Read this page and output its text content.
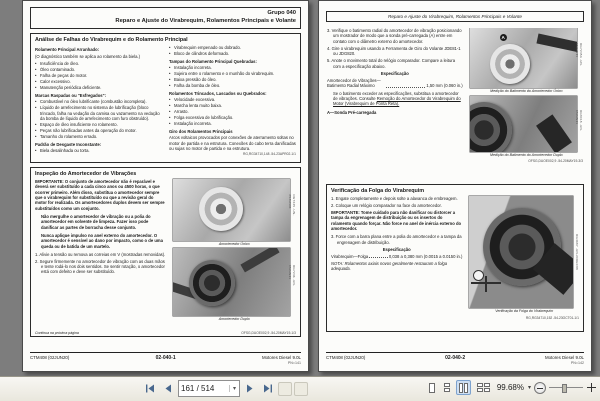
Grupo 040
Reparo e Ajuste do Virabrequim, Rolamentos Principais e Volante
Análise de Falhas do Virabrequim e do Rolamento Principal
Rolamento Principal Arranhado:
(O diagnóstico também se aplica ao rolamento da biela.)
• Insuficiência de óleo.
• Óleo contaminado.
• Falha de peças do motor.
• Calor excessivo.
• Manutenção periódica deficiente.
Marcas Raspadas ou "Esfregados":
• Combustível no óleo lubrificante (combustão incompleta).
• Líquido de arrefecimento no sistema de lubrificação (bloco trincado, falha na vedação da camisa ou vazamento na vedação da bomba de líquido de arrefecimento com furo obstruído).
• Espaço de óleo insuficiente no rolamento.
• Peças não lubrificadas antes da operação do motor.
• Tamanho do rolamento errado.
Padrão de Desgaste Inconstante:
• Biela desalinhada ou torta.
• Virabrequim empenado ou dobrado.
• Bloco de cilindros deformado.
Tampas do Rolamento Principal Quebradas:
• Instalação incorreta.
• Sujeira entre o rolamento e o munhão do virabrequim.
• Baixa pressão do óleo.
• Falha da bomba de óleo.
Rolamentos Trincados, Lascados ou Quebrados:
• Velocidade excessiva.
• Marcha lenta muito baixa.
• Arrasto.
• Folga excessiva de lubrificação.
• Instalação incorreta.
Giro dos Rolamentos Principais
Arcos voltaicos provocados por conexões de aterramento soltas no motor de partida e na estrutura. Conexões do cabo terra danificadas ou sujas no motor de partida e na estrutura.
RG,RG34710,148 -54-23APR02-1/1
Inspeção do Amortecedor de Vibrações
IMPORTANTE: O conjunto de amortecedor não é reparável e deverá ser substituído a cada cinco anos ou 4500 horas, o que ocorrer primeiro. Além disso, substitua o amortecedor sempre que o virabrequim for substituído ou que a revisão geral do motor for realizada. Os amortecedores duplos devem ser sempre substituídos como um conjunto.
Não mergulhe o amortecedor de vibração ou a polia do amortecedor em solvente de limpeza. Fazer isso pode danificar as partes de borracha desse conjunto.
Nunca aplique impulso no anel externo do amortecedor. O amortecedor é sensível ao dano por impacto, como o de uma queda ou de batida de um martelo.
1. Alivie a tensão ou remova as correias em V (mostradas removidas).
2. Segure firmemente no amortecedor de vibração com as duas mãos e tente rodá-lo nos dois sentidos. Se sentir rotação, o amortecedor está com defeito e deve ser substituído.
RG7245 -UN-05JUN91
Amortecedor Único
RG7246 -UN-05JUN91
Amortecedor Duplo
Continua na próxima página	OFSG,DUOE002,9 -54-20MAY19-1/3
CTM408 (02JUN20)	02-040-1	Motores Diesel 9.0L
PN=141
Reparo e Ajuste do Virabrequim, Rolamentos Principais e Volante
3. Verifique o batimento radial do amortecedor de vibração posicionando um mostrador de modo que a sonda pré-carregada (A) entre em contato com o diâmetro externo do amortecedor.
4. Gire o virabrequim usando a Ferramenta de Giro do Volante JDE81-1 ou JDG820.
5. Anote o movimento total do relógio comparador. Compare a leitura com a especificação abaixo.
Especificação
Amortecedor de Vibrações—Batimento Radial Máximo	1,50 mm (0.060 in.)
Se o batimento exceder as especificações, substitua o amortecedor de vibrações. Consulte Remoção do Amortecedor do Virabrequim do Motor (Virabrequim de Ponta Reta).
A—Sonda Pré-carregada
A
RG7245A -UN-05JUN91
Medição do Batimento do Amortecedor Único
RG8018 -UN-05JUN91
Medição do Batimento do Amortecedor Duplo
OFSG,DUOE002,9 -54-20MAY19-3/3
Verificação da Folga do Virabrequim
1. Engate completamente e depois solte a alavanca de embreagem.
2. Coloque um relógio comparador na face do amortecedor.
IMPORTANTE: Tome cuidado para não danificar ou distorcer a tampa da engrenagem de distribuição ou os insertos do rolamento quando forçar. Não force no anel de inércia externo do amortecedor.
3. Force com a barra plana entre a polia do amortecedor e a tampa da engrenagem de distribuição.
Especificação
Virabrequim—Folga	0,038 a 0,380 mm (0.0015 a 0.0150 in.)
NOTA: Rolamentos axiais novos geralmente restauram a folga adequada.	RG4687 -UN-20DEC88
Verificação da Folga do Virabrequim
RG,RG34710,152 -54-23OCT01-1/1
CTM408 (02JUN20)	02-040-2	Motores Diesel 9.0L
PN=142
161 / 514
▾	99.68% ▾
